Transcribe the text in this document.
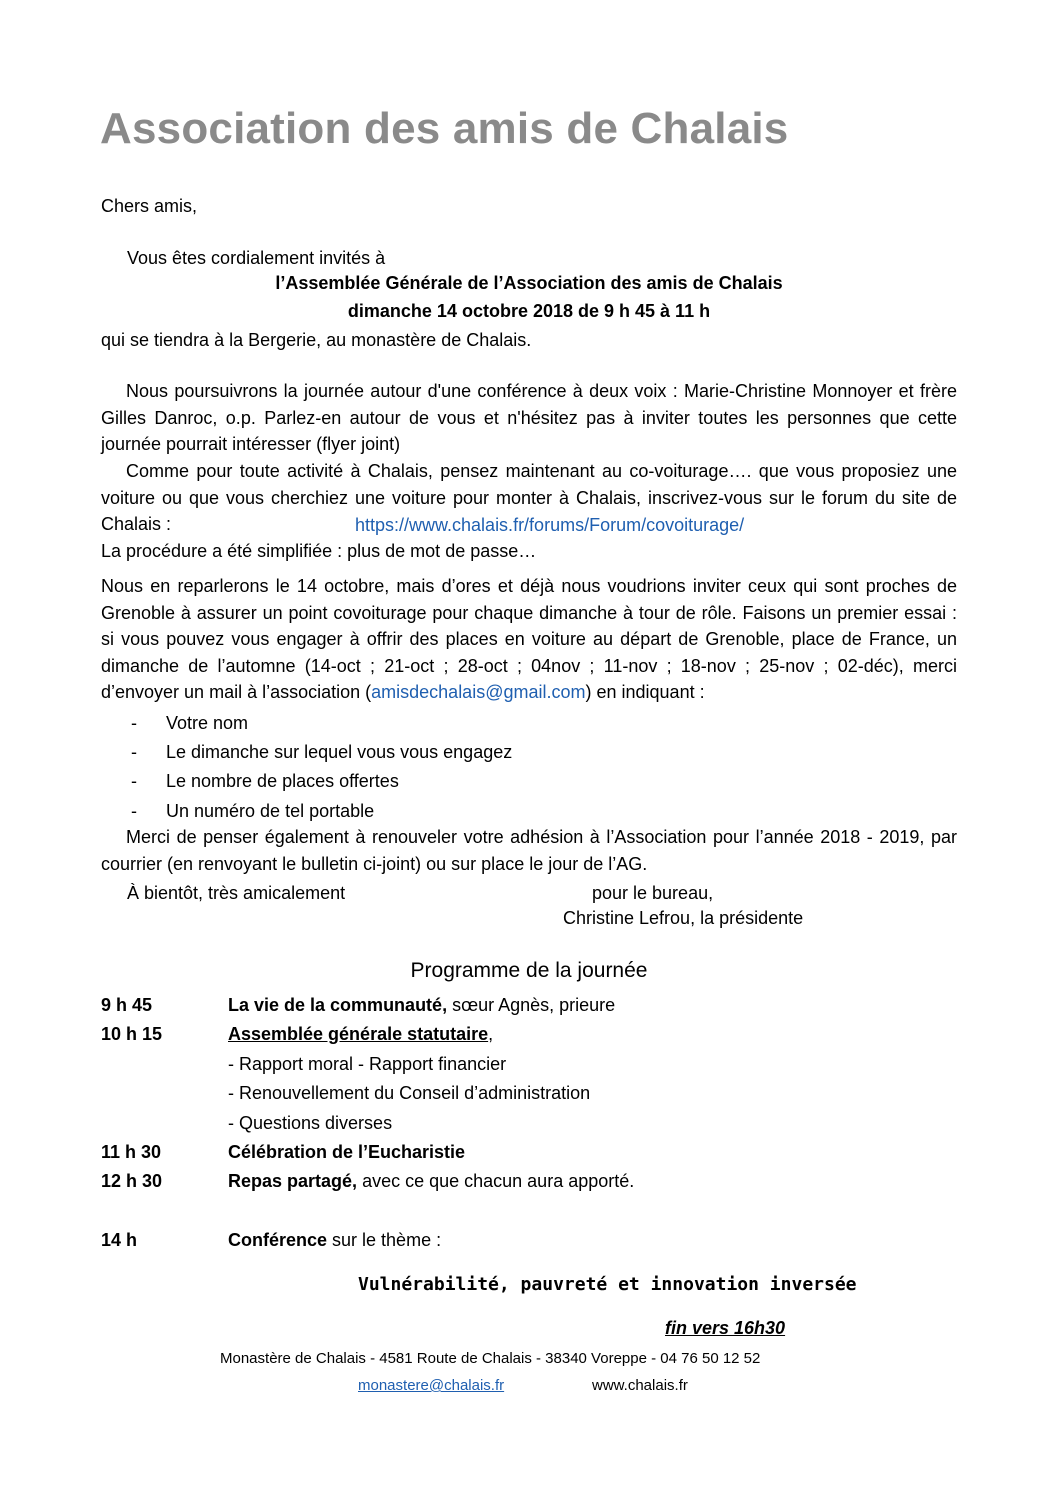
Association des amis de Chalais
Chers amis,
Vous êtes cordialement invités à
l’Assemblée Générale de l’Association des amis de Chalais
dimanche 14 octobre 2018 de 9 h 45 à 11 h
qui se tiendra à la Bergerie, au monastère de Chalais.
Nous poursuivrons la journée autour d'une conférence à deux voix : Marie-Christine Monnoyer et frère Gilles Danroc, o.p. Parlez-en autour de vous et n'hésitez pas à inviter toutes les personnes que cette journée pourrait intéresser (flyer joint)
Comme pour toute activité à Chalais, pensez maintenant au co-voiturage…. que vous proposiez une voiture ou que vous cherchiez une voiture pour monter à Chalais, inscrivez-vous sur le forum du site de Chalais :	https://www.chalais.fr/forums/Forum/covoiturage/
La procédure a été simplifiée : plus de mot de passe…
Nous en reparlerons le 14 octobre, mais d’ores et déjà nous voudrions inviter ceux qui sont proches de Grenoble à assurer un point covoiturage pour chaque dimanche à tour de rôle. Faisons un premier essai : si vous pouvez vous engager à offrir des places en voiture au départ de Grenoble, place de France, un dimanche de l’automne (14-oct ; 21-oct ; 28-oct ; 04nov ; 11-nov ; 18-nov ; 25-nov ; 02-déc), merci d’envoyer un mail à l’association (amisdechalais@gmail.com) en indiquant :
- Votre nom
- Le dimanche sur lequel vous vous engagez
- Le nombre de places offertes
- Un numéro de tel portable
Merci de penser également à renouveler votre adhésion à l’Association pour l’année 2018 - 2019, par courrier (en renvoyant le bulletin ci-joint) ou sur place le jour de l’AG.
À bientôt, très amicalement	pour le bureau,
Christine Lefrou, la présidente
Programme de la journée
9 h 45	La vie de la communauté, sœur Agnès, prieure
10 h 15	Assemblée générale statutaire,
- Rapport moral - Rapport financier
- Renouvellement du Conseil d’administration
- Questions diverses
11 h 30	Célébration de l’Eucharistie
12 h 30	Repas partagé, avec ce que chacun aura apporté.
14 h	Conférence sur le thème :
Vulnérabilité, pauvreté et innovation inversée
fin vers 16h30
Monastère de Chalais - 4581 Route de Chalais - 38340 Voreppe - 04 76 50 12 52
monastere@chalais.fr	www.chalais.fr
